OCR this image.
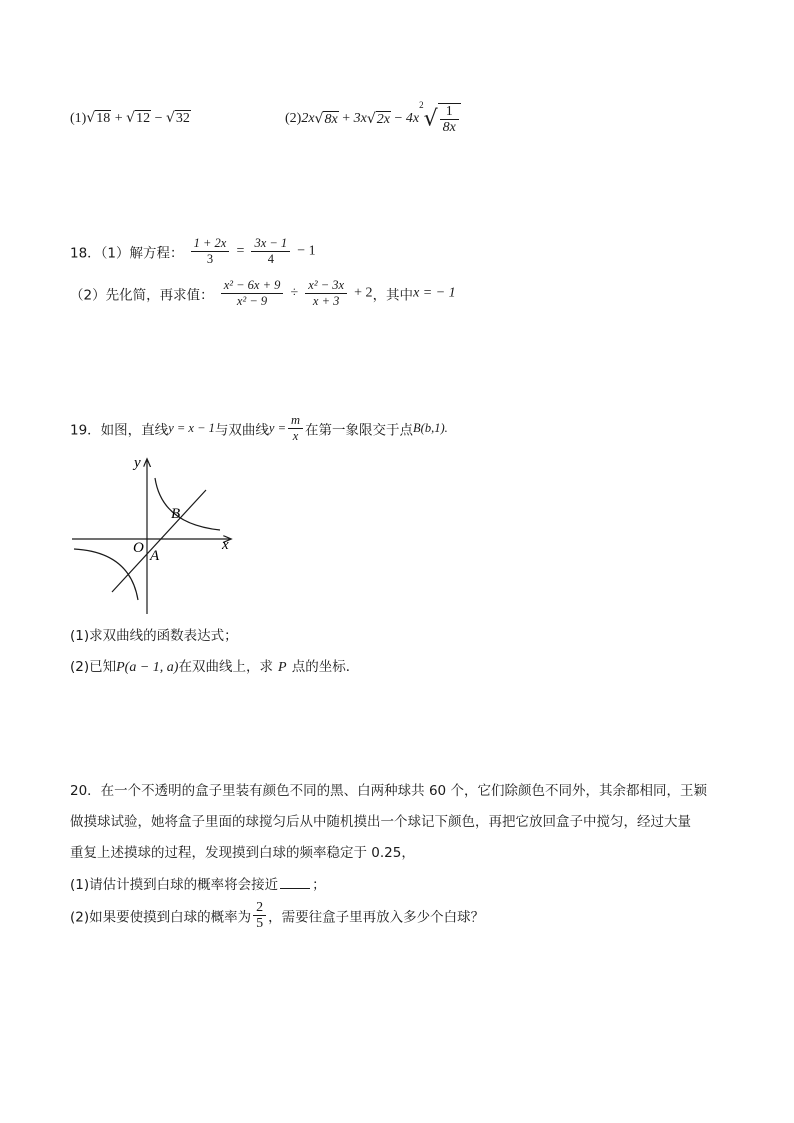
(1)√18 + √12 − √32	$(2)2x√8x + 3x√2x - 4x^2√ \frac{1}{8x}$
18．（1）解方程： $\frac{1 + 2x}{3} = \frac{3x - 1}{4} - 1$
（2）先化简，再求值： $\frac{\text{x² − 6x + 9}}{\text{x² − 9}} \div \frac{\text{x² − 3x}}{x + 3} + 2$，其中x = − 1
19．如图，直线y = x − 1与双曲线$y = \frac{m}{x}$ 在第一象限交于点B(b,1).
y
x
O A
B
(1)求双曲线的函数表达式；
(2)已知P(a − 1, a)在双曲线上，求 P 点的坐标．
20．在一个不透明的盒子里装有颜色不同的黑、白两种球共 60 个，它们除颜色不同外，其余都相同，王颖
做摸球试验，她将盒子里面的球搅匀后从中随机摸出一个球记下颜色，再把它放回盒子中搅匀，经过大量
重复上述摸球的过程，发现摸到白球的频率稳定于 0.25，
(1)请估计摸到白球的概率将会接近	；
(2)如果要使摸到白球的概率为 $\frac{2}{5}$ ，需要往盒子里再放入多少个白球？
